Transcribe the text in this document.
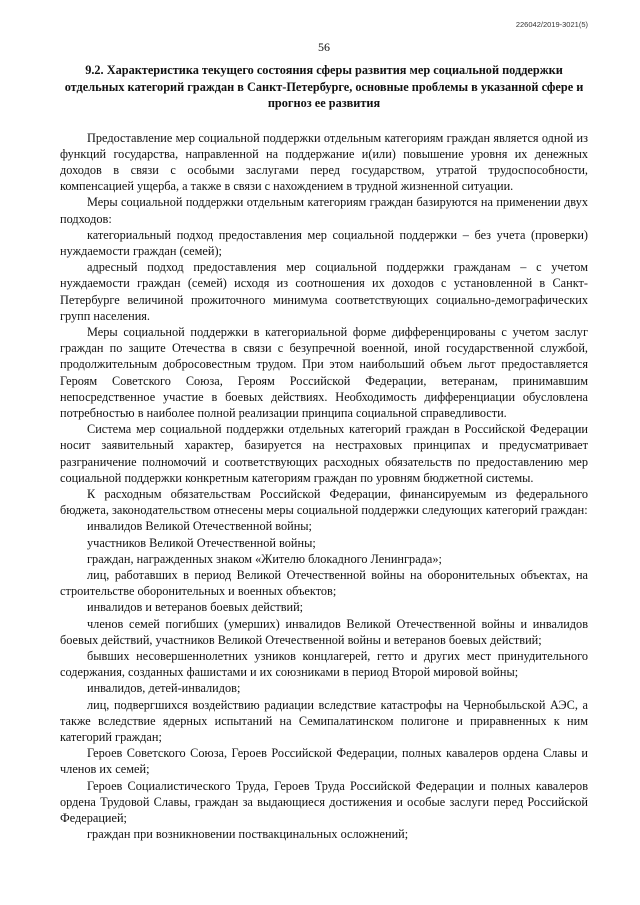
226042/2019-3021(5)
56
9.2. Характеристика текущего состояния сферы развития мер социальной поддержки отдельных категорий граждан в Санкт-Петербурге, основные проблемы в указанной сфере и прогноз ее развития

Предоставление мер социальной поддержки отдельным категориям граждан является одной из функций государства, направленной на поддержание и(или) повышение уровня их денежных доходов в связи с особыми заслугами перед государством, утратой трудоспособности, компенсацией ущерба, а также в связи с нахождением в трудной жизненной ситуации.

Меры социальной поддержки отдельным категориям граждан базируются на применении двух подходов:

категориальный подход предоставления мер социальной поддержки – без учета (проверки) нуждаемости граждан (семей);

адресный подход предоставления мер социальной поддержки гражданам – с учетом нуждаемости граждан (семей) исходя из соотношения их доходов с установленной в Санкт-Петербурге величиной прожиточного минимума соответствующих социально-демографических групп населения.

Меры социальной поддержки в категориальной форме дифференцированы с учетом заслуг граждан по защите Отечества в связи с безупречной военной, иной государственной службой, продолжительным добросовестным трудом. При этом наибольший объем льгот предоставляется Героям Советского Союза, Героям Российской Федерации, ветеранам, принимавшим непосредственное участие в боевых действиях. Необходимость дифференциации обусловлена потребностью в наиболее полной реализации принципа социальной справедливости.

Система мер социальной поддержки отдельных категорий граждан в Российской Федерации носит заявительный характер, базируется на нестраховых принципах и предусматривает разграничение полномочий и соответствующих расходных обязательств по предоставлению мер социальной поддержки конкретным категориям граждан по уровням бюджетной системы.

К расходным обязательствам Российской Федерации, финансируемым из федерального бюджета, законодательством отнесены меры социальной поддержки следующих категорий граждан:

инвалидов Великой Отечественной войны;

участников Великой Отечественной войны;

граждан, награжденных знаком «Жителю блокадного Ленинграда»;

лиц, работавших в период Великой Отечественной войны на оборонительных объектах, на строительстве оборонительных и военных объектов;

инвалидов и ветеранов боевых действий;

членов семей погибших (умерших) инвалидов Великой Отечественной войны и инвалидов боевых действий, участников Великой Отечественной войны и ветеранов боевых действий;

бывших несовершеннолетних узников концлагерей, гетто и других мест принудительного содержания, созданных фашистами и их союзниками в период Второй мировой войны;

инвалидов, детей-инвалидов;

лиц, подвергшихся воздействию радиации вследствие катастрофы на Чернобыльской АЭС, а также вследствие ядерных испытаний на Семипалатинском полигоне и приравненных к ним категорий граждан;

Героев Советского Союза, Героев Российской Федерации, полных кавалеров ордена Славы и членов их семей;

Героев Социалистического Труда, Героев Труда Российской Федерации и полных кавалеров ордена Трудовой Славы, граждан за выдающиеся достижения и особые заслуги перед Российской Федерацией;

граждан при возникновении поствакцинальных осложнений;
